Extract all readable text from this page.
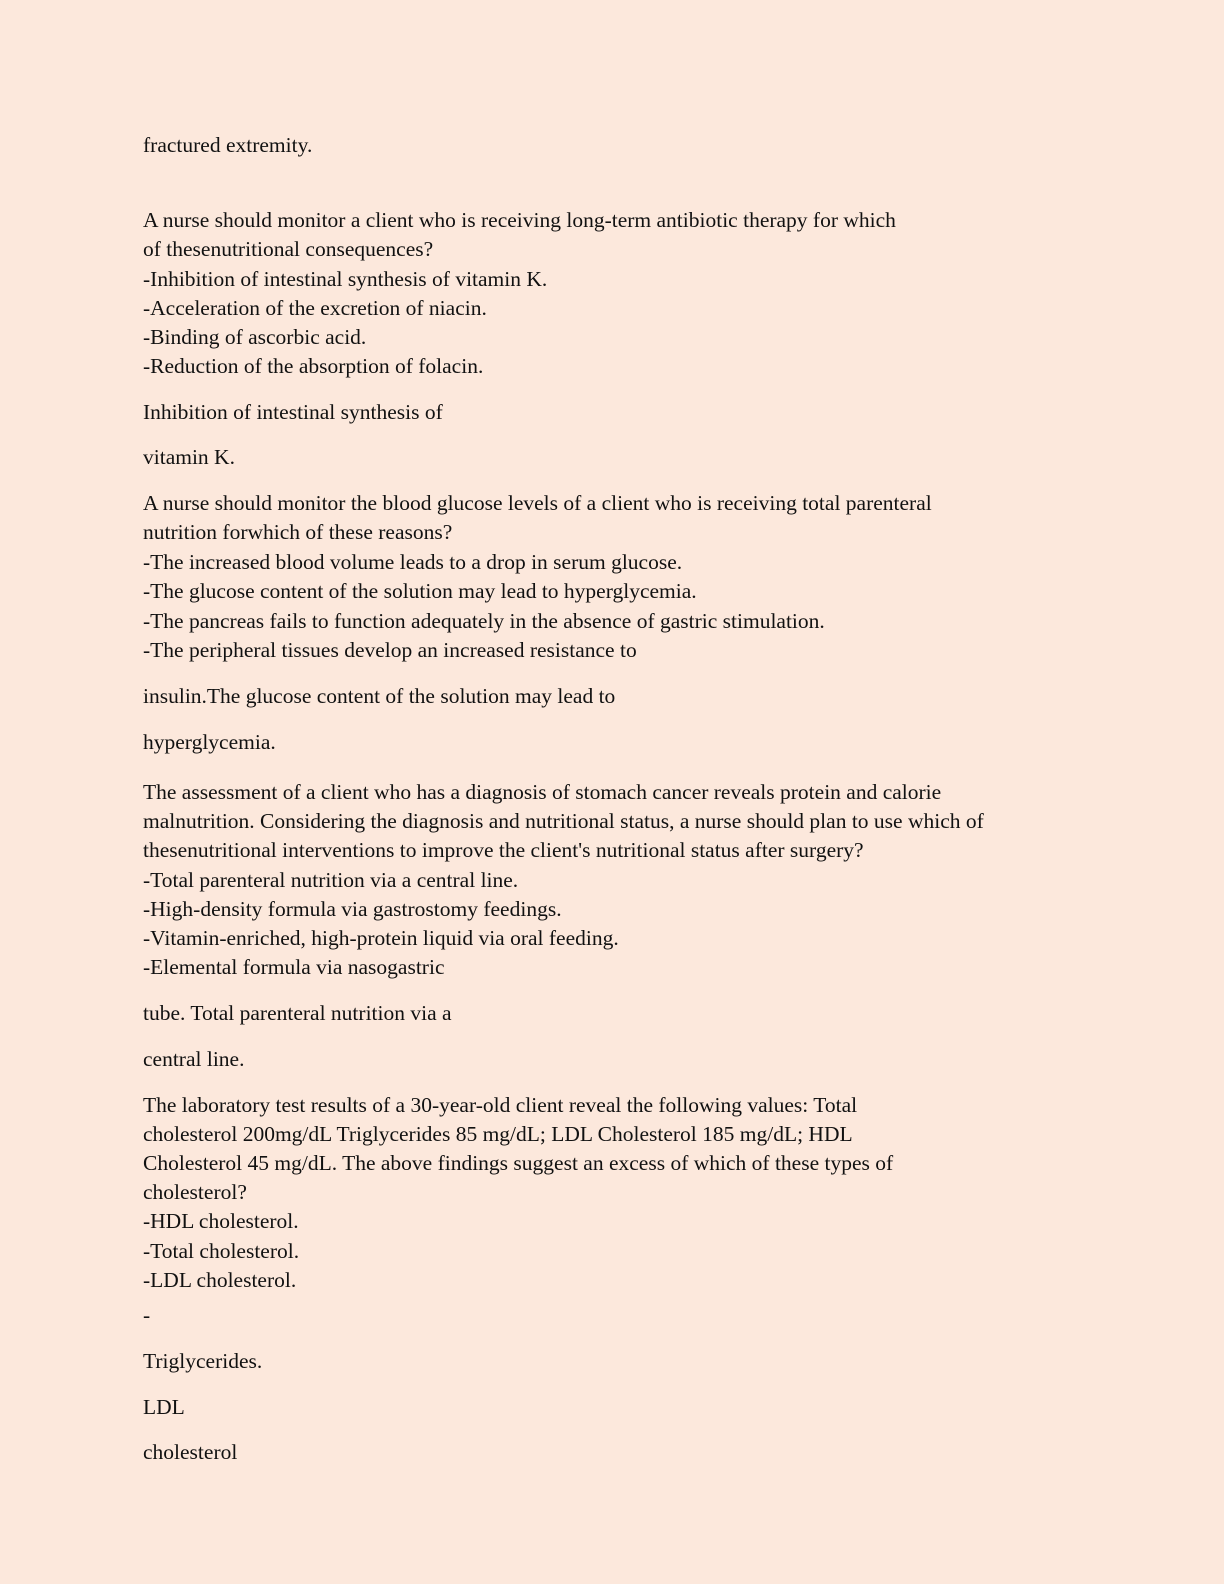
fractured extremity.

A nurse should monitor a client who is receiving long-term antibiotic therapy for which

of thesenutritional consequences?

-Inhibition of intestinal synthesis of vitamin K.

-Acceleration of the excretion of niacin.

-Binding of ascorbic acid.

-Reduction of the absorption of folacin.

Inhibition of intestinal synthesis of

vitamin K.

A nurse should monitor the blood glucose levels of a client who is receiving total parenteral

nutrition forwhich of these reasons?

-The increased blood volume leads to a drop in serum glucose.

-The glucose content of the solution may lead to hyperglycemia.

-The pancreas fails to function adequately in the absence of gastric stimulation.

-The peripheral tissues develop an increased resistance to

insulin.The glucose content of the solution may lead to

hyperglycemia.

The assessment of a client who has a diagnosis of stomach cancer reveals protein and calorie

malnutrition. Considering the diagnosis and nutritional status, a nurse should plan to use which of

thesenutritional interventions to improve the client's nutritional status after surgery?

-Total parenteral nutrition via a central line.

-High-density formula via gastrostomy feedings.

-Vitamin-enriched, high-protein liquid via oral feeding.

-Elemental formula via nasogastric

tube. Total parenteral nutrition via a

central line.

The laboratory test results of a 30-year-old client reveal the following values: Total

cholesterol 200mg/dL Triglycerides 85 mg/dL; LDL Cholesterol 185 mg/dL; HDL

Cholesterol 45 mg/dL. The above findings suggest an excess of which of these types of

cholesterol?

-HDL cholesterol.

-Total cholesterol.

-LDL cholesterol.

-

Triglycerides.

LDL

cholesterol
